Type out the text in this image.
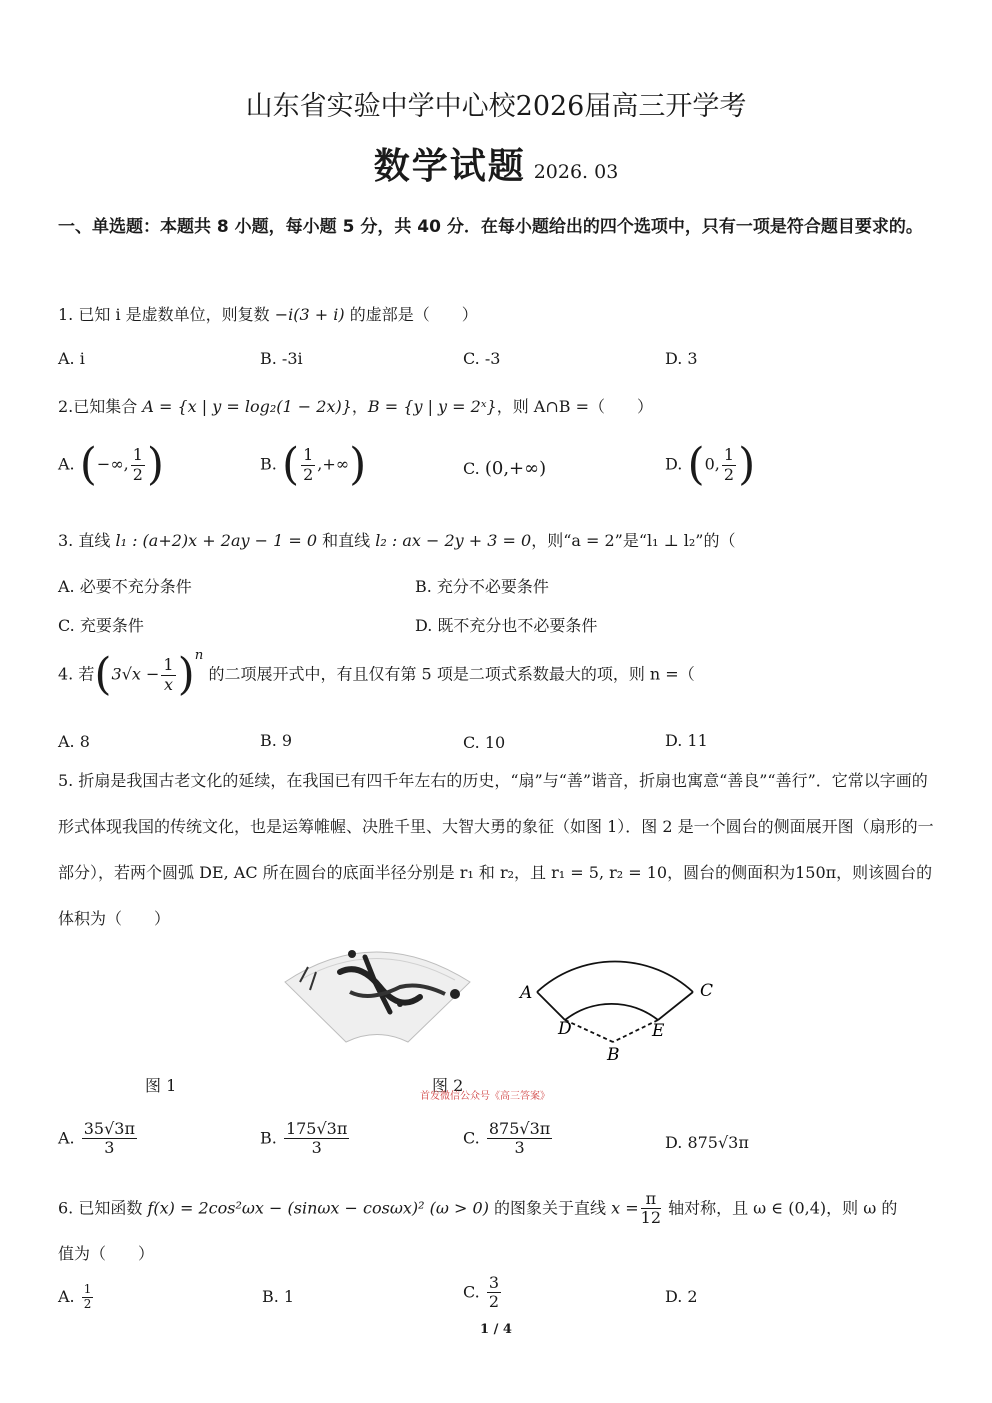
山东省实验中学中心校2026届高三开学考
数学试题 2026. 03
一、单选题：本题共 8 小题，每小题 5 分，共 40 分．在每小题给出的四个选项中，只有一项是符合题目要求的。
1. 已知 i 是虚数单位，则复数 −i(3 + i) 的虚部是（　　）
A. i	B. -3i	C. -3	D. 3
2.已知集合 A = {x | y = log₂(1 − 2x)}，B = {y | y = 2ˣ}，则 A∩B =（　　）
A. (−∞, $\frac{1}{2}$ )	B. ( $\frac{1}{2}$ ,+∞)	C. (0,+∞)	D. (0, $\frac{1}{2}$ )
3. 直线 l₁ : (a+2)x + 2ay − 1 = 0 和直线 l₂ : ax − 2y + 3 = 0，则“a = 2”是“l₁ ⊥ l₂”的（
A. 必要不充分条件	B. 充分不必要条件
C. 充要条件	D. 既不充分也不必要条件
4. 若$(3√x - \frac{1}{x} )^n$ 的二项展开式中，有且仅有第 5 项是二项式系数最大的项，则 n =（
A. 8	B. 9	C. 10	D. 11
5. 折扇是我国古老文化的延续，在我国已有四千年左右的历史，“扇”与“善”谐音，折扇也寓意“善良”“善行”．它常以字画的形式体现我国的传统文化，也是运筹帷幄、决胜千里、大智大勇的象征（如图 1）．图 2 是一个圆台的侧面展开图（扇形的一部分），若两个圆弧 DE, AC 所在圆台的底面半径分别是 r₁ 和 r₂，且 r₁ = 5, r₂ = 10，圆台的侧面积为150π，则该圆台的体积为（　　）
A	C
D	E
B
图 1	图 2
首发微信公众号《高三答案》
A. $\frac{35√3\pi}{3}$	B. $\frac{175√3\pi}{3}$	C. $\frac{875√3\pi}{3}$	D. 875√3π
6. 已知函数 f(x) = 2cos²ωx − (sinωx − cosωx)² (ω > 0) 的图象关于直线 $x = \frac{\pi}{12}$ 轴对称，且 ω ∈ (0,4)，则 ω 的
值为（　　）
A. $\frac{1}{2}$	B. 1	C. $\frac{3}{2}$	D. 2
1 / 4
